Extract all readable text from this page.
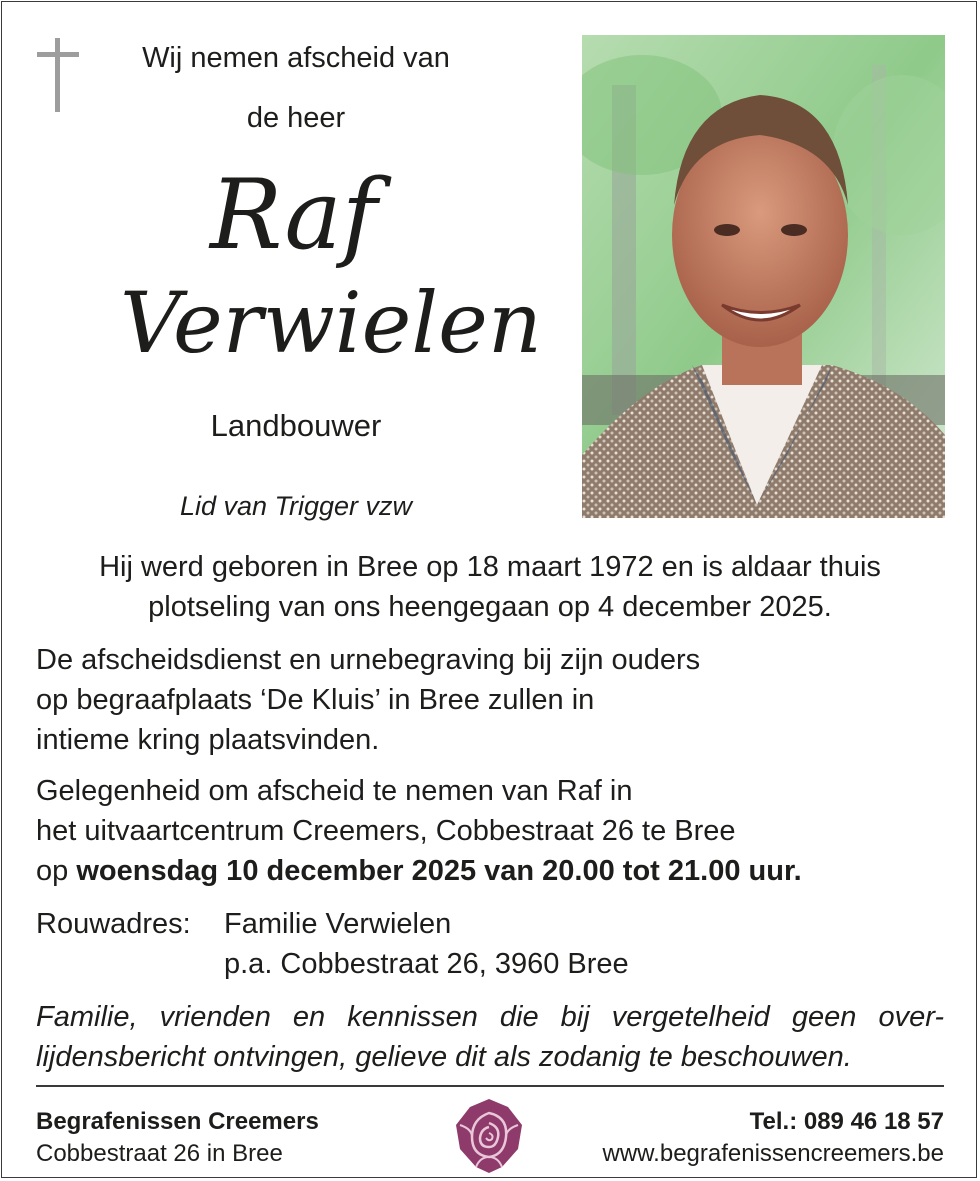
Wij nemen afscheid van
de heer
Raf
Verwielen
Landbouwer
Lid van Trigger vzw
Hij werd geboren in Bree op 18 maart 1972 en is aldaar thuis
plotseling van ons heengegaan op 4 december 2025.
De afscheidsdienst en urnebegraving bij zijn ouders
op begraafplaats ‘De Kluis’ in Bree zullen in
intieme kring plaatsvinden.
Gelegenheid om afscheid te nemen van Raf in
het uitvaartcentrum Creemers, Cobbestraat 26 te Bree
op woensdag 10 december 2025 van 20.00 tot 21.00 uur.
Rouwadres: Familie Verwielen
p.a. Cobbestraat 26, 3960 Bree
Familie, vrienden en kennissen die bij vergetelheid geen over-
lijdensbericht ontvingen, gelieve dit als zodanig te beschouwen.
Begrafenissen Creemers
Cobbestraat 26 in Bree
Tel.: 089 46 18 57
www.begrafenissencreemers.be
